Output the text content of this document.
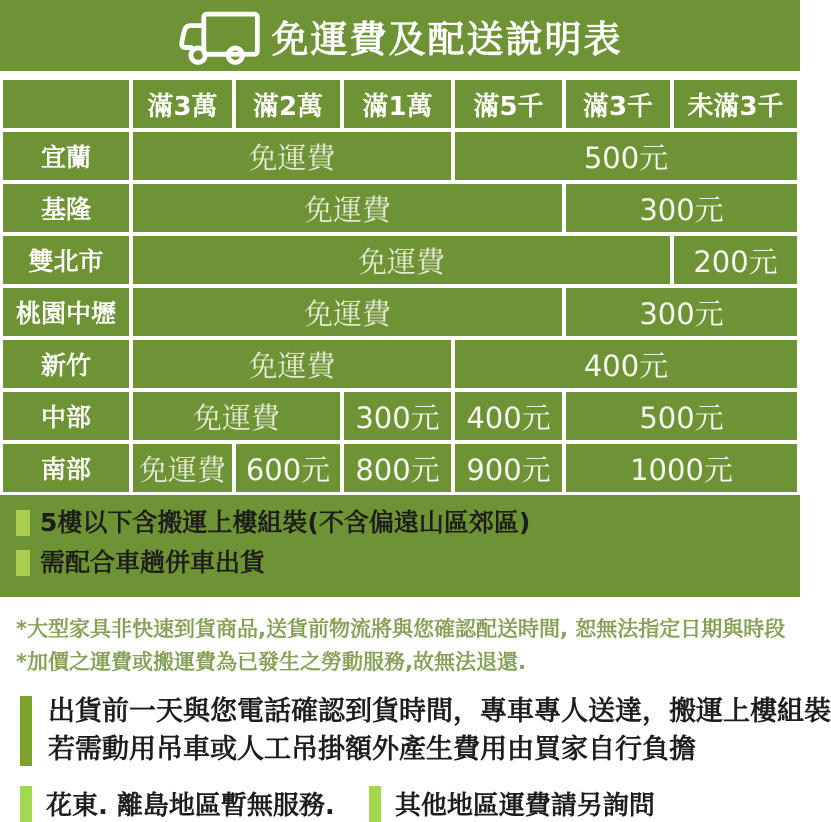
免運費及配送說明表
滿3萬	滿2萬	滿1萬	滿5千	滿3千	未滿3千
宜蘭	免運費	500元
基隆	免運費	300元
雙北市	免運費	200元
桃園中壢	免運費	300元
新竹	免運費	400元
中部	免運費	300元 400元	500元
南部	免運費 600元 800元 900元	1000元
5樓以下含搬運上樓組裝(不含偏遠山區郊區)
需配合車趟併車出貨
*大型家具非快速到貨商品,送貨前物流將與您確認配送時間, 恕無法指定日期與時段
*加價之運費或搬運費為已發生之勞動服務,故無法退還.
出貨前一天與您電話確認到貨時間，專車專人送達，搬運上樓組裝
若需動用吊車或人工吊掛額外產生費用由買家自行負擔
花東. 離島地區暫無服務. 其他地區運費請另詢問
